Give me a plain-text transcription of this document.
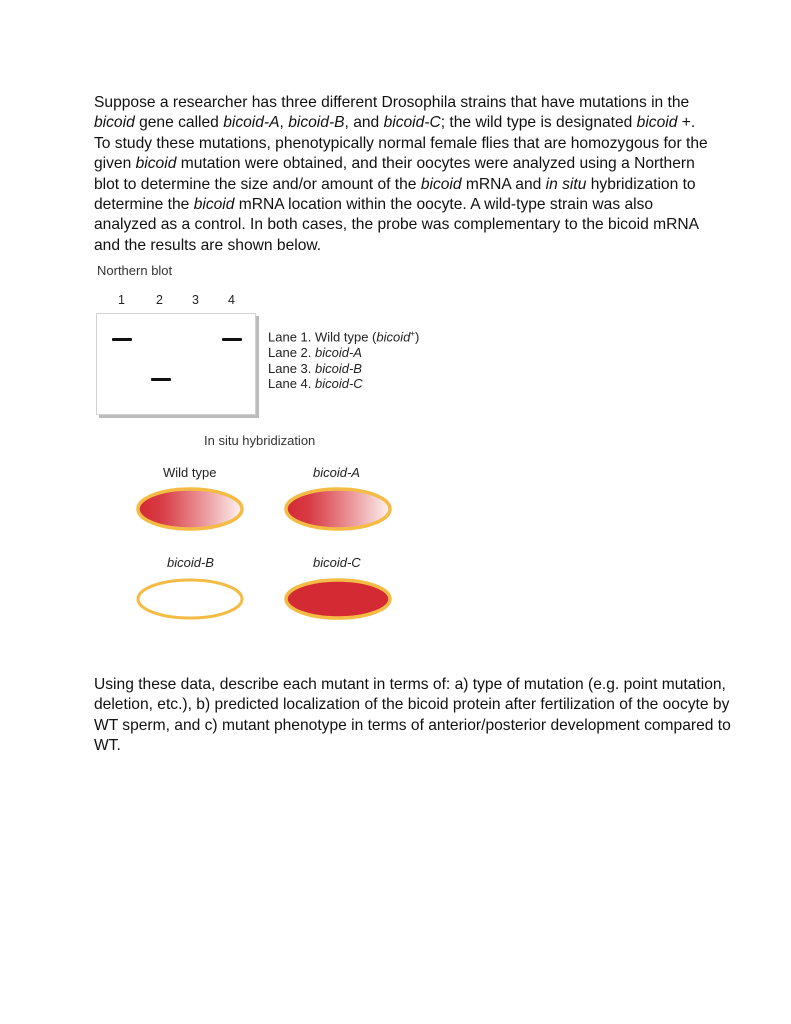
Suppose a researcher has three different Drosophila strains that have mutations in the bicoid gene called bicoid-A, bicoid-B, and bicoid-C; the wild type is designated bicoid +. To study these mutations, phenotypically normal female flies that are homozygous for the given bicoid mutation were obtained, and their oocytes were analyzed using a Northern blot to determine the size and/or amount of the bicoid mRNA and in situ hybridization to determine the bicoid mRNA location within the oocyte. A wild-type strain was also analyzed as a control. In both cases, the probe was complementary to the bicoid mRNA and the results are shown below.

Northern blot
1 2 3 4
Lane 1. Wild type (bicoid+)
Lane 2. bicoid-A
Lane 3. bicoid-B
Lane 4. bicoid-C
In situ hybridization
Wild type	bicoid-A
bicoid-B	bicoid-C

Using these data, describe each mutant in terms of: a) type of mutation (e.g. point mutation, deletion, etc.), b) predicted localization of the bicoid protein after fertilization of the oocyte by WT sperm, and c) mutant phenotype in terms of anterior/posterior development compared to WT.
